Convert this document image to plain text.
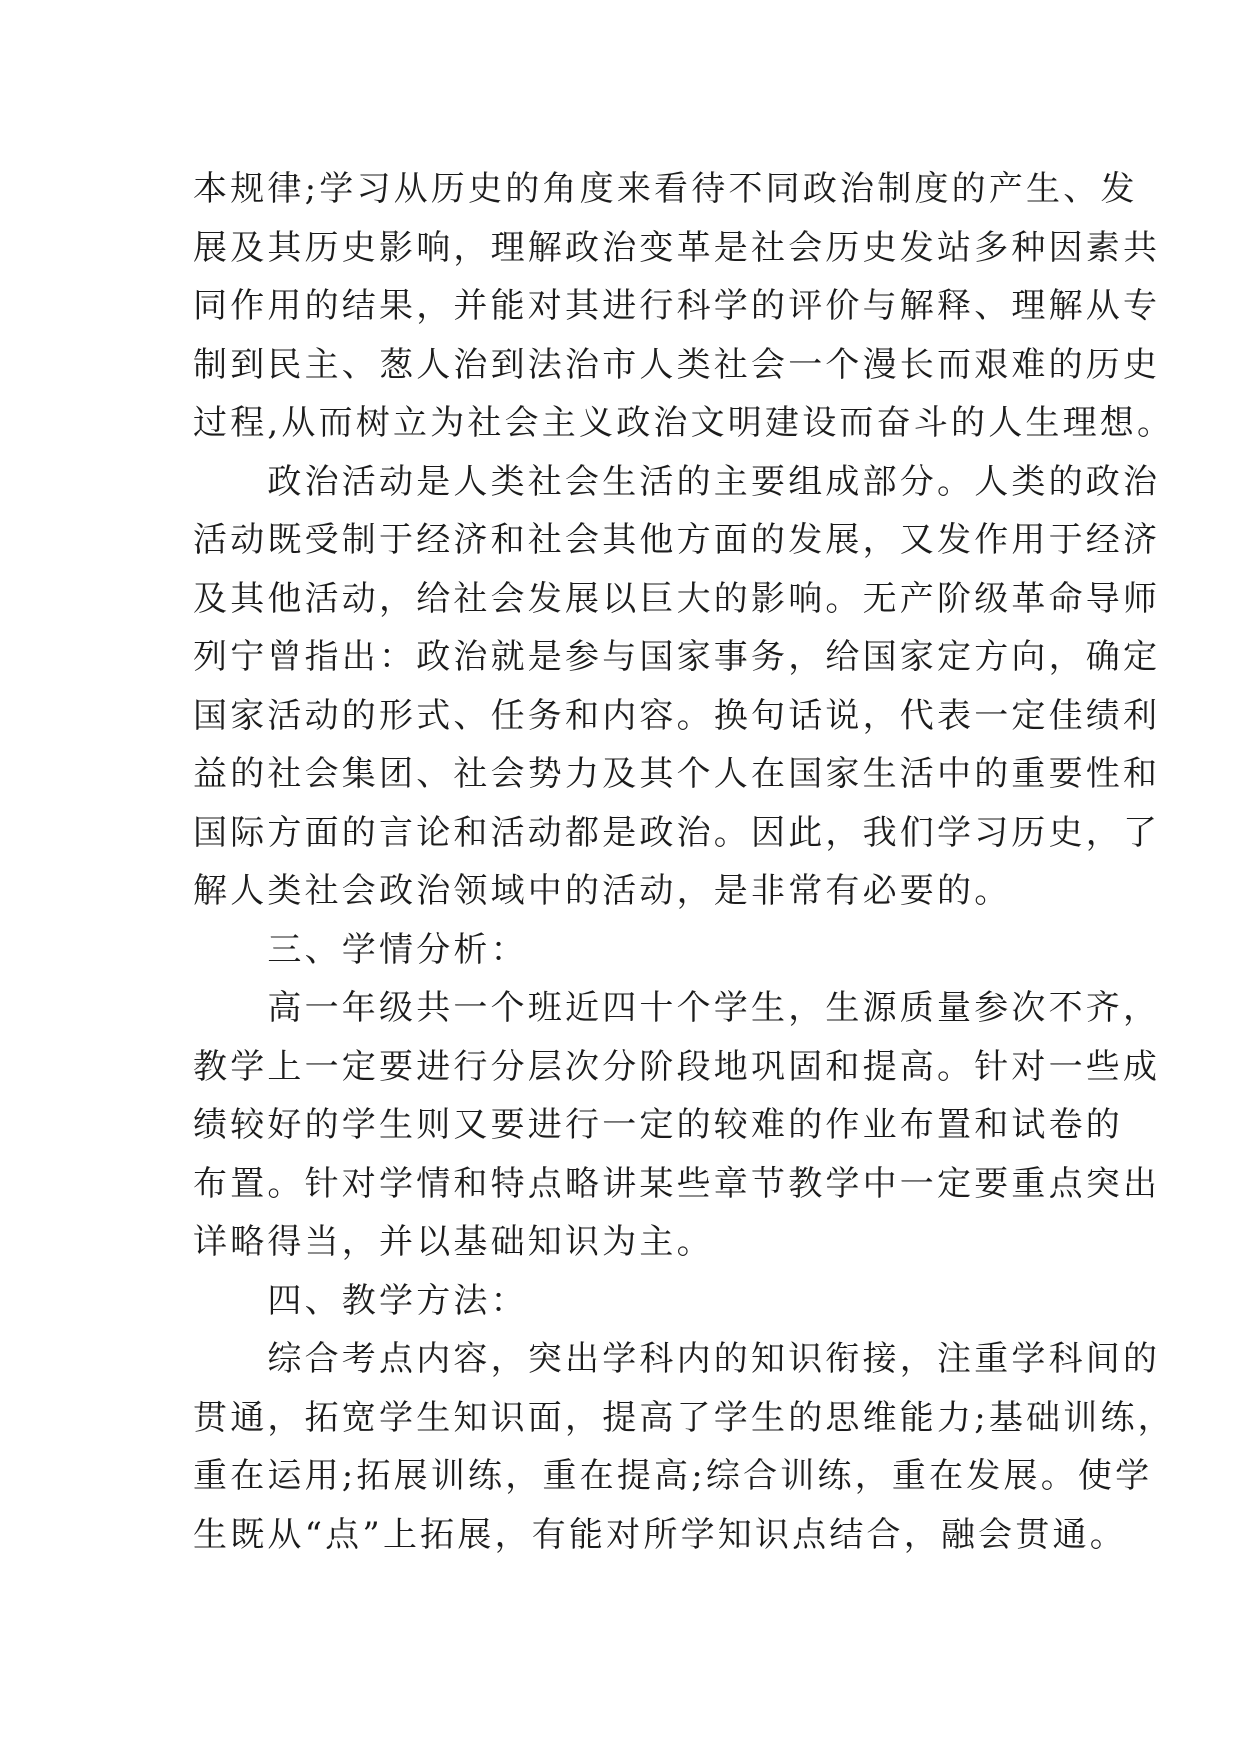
本规律;学习从历史的角度来看待不同政治制度的产生、发
展及其历史影响，理解政治变革是社会历史发站多种因素共
同作用的结果，并能对其进行科学的评价与解释、理解从专
制到民主、葱人治到法治市人类社会一个漫长而艰难的历史
过程,从而树立为社会主义政治文明建设而奋斗的人生理想。
　　政治活动是人类社会生活的主要组成部分。人类的政治
活动既受制于经济和社会其他方面的发展，又发作用于经济
及其他活动，给社会发展以巨大的影响。无产阶级革命导师
列宁曾指出：政治就是参与国家事务，给国家定方向，确定
国家活动的形式、任务和内容。换句话说，代表一定佳绩利
益的社会集团、社会势力及其个人在国家生活中的重要性和
国际方面的言论和活动都是政治。因此，我们学习历史，了
解人类社会政治领域中的活动，是非常有必要的。
　　三、学情分析：
　　高一年级共一个班近四十个学生，生源质量参次不齐，
教学上一定要进行分层次分阶段地巩固和提高。针对一些成
绩较好的学生则又要进行一定的较难的作业布置和试卷的
布置。针对学情和特点略讲某些章节教学中一定要重点突出
详略得当，并以基础知识为主。
　　四、教学方法：
　　综合考点内容，突出学科内的知识衔接，注重学科间的
贯通，拓宽学生知识面，提高了学生的思维能力;基础训练，
重在运用;拓展训练，重在提高;综合训练，重在发展。使学
生既从“点”上拓展，有能对所学知识点结合，融会贯通。
